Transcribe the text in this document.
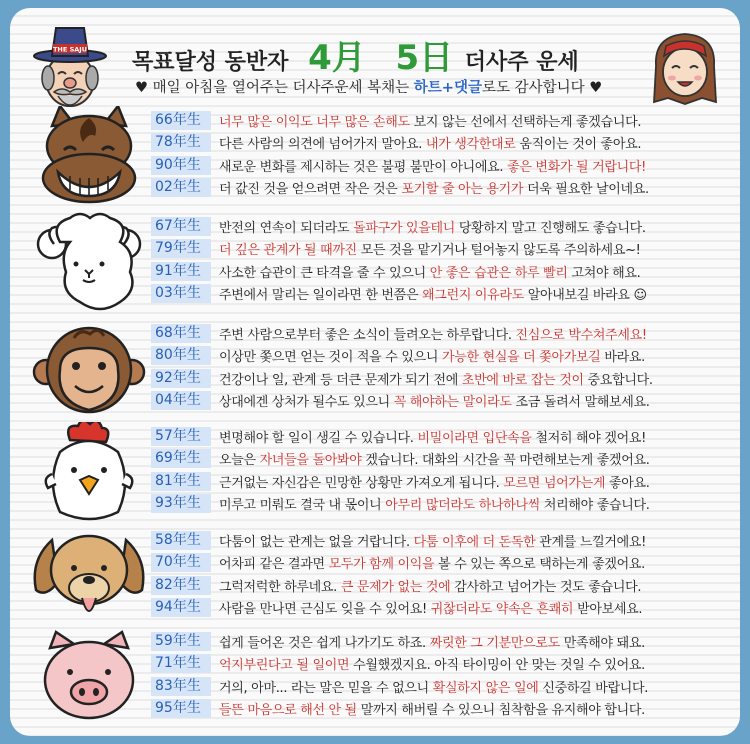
THE SAJU
목표달성 동반자 4月 5日 더사주 운세
♥ 매일 아침을 열어주는 더사주운세 복채는 하트+댓글로도 감사합니다 ♥
66年生	너무 많은 이익도 너무 많은 손해도 보지 않는 선에서 선택하는게 좋겠습니다.
78年生	다른 사람의 의견에 넘어가지 말아요. 내가 생각한대로 움직이는 것이 좋아요.
90年生	새로운 변화를 제시하는 것은 불평 불만이 아니에요. 좋은 변화가 될 거랍니다!
02年生	더 값진 것을 얻으려면 작은 것은 포기할 줄 아는 용기가 더욱 필요한 날이네요.
67年生	반전의 연속이 되더라도 돌파구가 있을테니 당황하지 말고 진행해도 좋습니다.
79年生	더 깊은 관계가 될 때까진 모든 것을 맡기거나 털어놓지 않도록 주의하세요~!
91年生	사소한 습관이 큰 타격을 줄 수 있으니 안 좋은 습관은 하루 빨리 고쳐야 해요.
03年生	주변에서 말리는 일이라면 한 번쯤은 왜그런지 이유라도 알아내보길 바라요 ☺
68年生	주변 사람으로부터 좋은 소식이 들려오는 하루랍니다. 진심으로 박수쳐주세요!
80年生	이상만 쫓으면 얻는 것이 적을 수 있으니 가능한 현실을 더 쫓아가보길 바라요.
92年生	건강이나 일, 관계 등 더큰 문제가 되기 전에 초반에 바로 잡는 것이 중요합니다.
04年生	상대에겐 상처가 될수도 있으니 꼭 해야하는 말이라도 조금 돌려서 말해보세요.
57年生	변명해야 할 일이 생길 수 있습니다. 비밀이라면 입단속을 철저히 해야 겠어요!
69年生	오늘은 자녀들을 돌아봐야 겠습니다. 대화의 시간을 꼭 마련해보는게 좋겠어요.
81年生	근거없는 자신감은 민망한 상황만 가져오게 됩니다. 모르면 넘어가는게 좋아요.
93年生	미루고 미뤄도 결국 내 몫이니 아무리 많더라도 하나하나씩 처리해야 좋습니다.
58年生	다툼이 없는 관계는 없을 거랍니다. 다툼 이후에 더 돈독한 관계를 느낄거에요!
70年生	어차피 같은 결과면 모두가 함께 이익을 볼 수 있는 쪽으로 택하는게 좋겠어요.
82年生	그럭저럭한 하루네요. 큰 문제가 없는 것에 감사하고 넘어가는 것도 좋습니다.
94年生	사람을 만나면 근심도 잊을 수 있어요! 귀찮더라도 약속은 흔쾌히 받아보세요.
59年生	쉽게 들어온 것은 쉽게 나가기도 하죠. 짜릿한 그 기분만으로도 만족해야 돼요.
71年生	억지부린다고 될 일이면 수월했겠지요. 아직 타이밍이 안 맞는 것일 수 있어요.
83年生	거의, 아마... 라는 말은 믿을 수 없으니 확실하지 않은 일에 신중하길 바랍니다.
95年生	들뜬 마음으로 해선 안 될 말까지 해버릴 수 있으니 침착함을 유지해야 합니다.
